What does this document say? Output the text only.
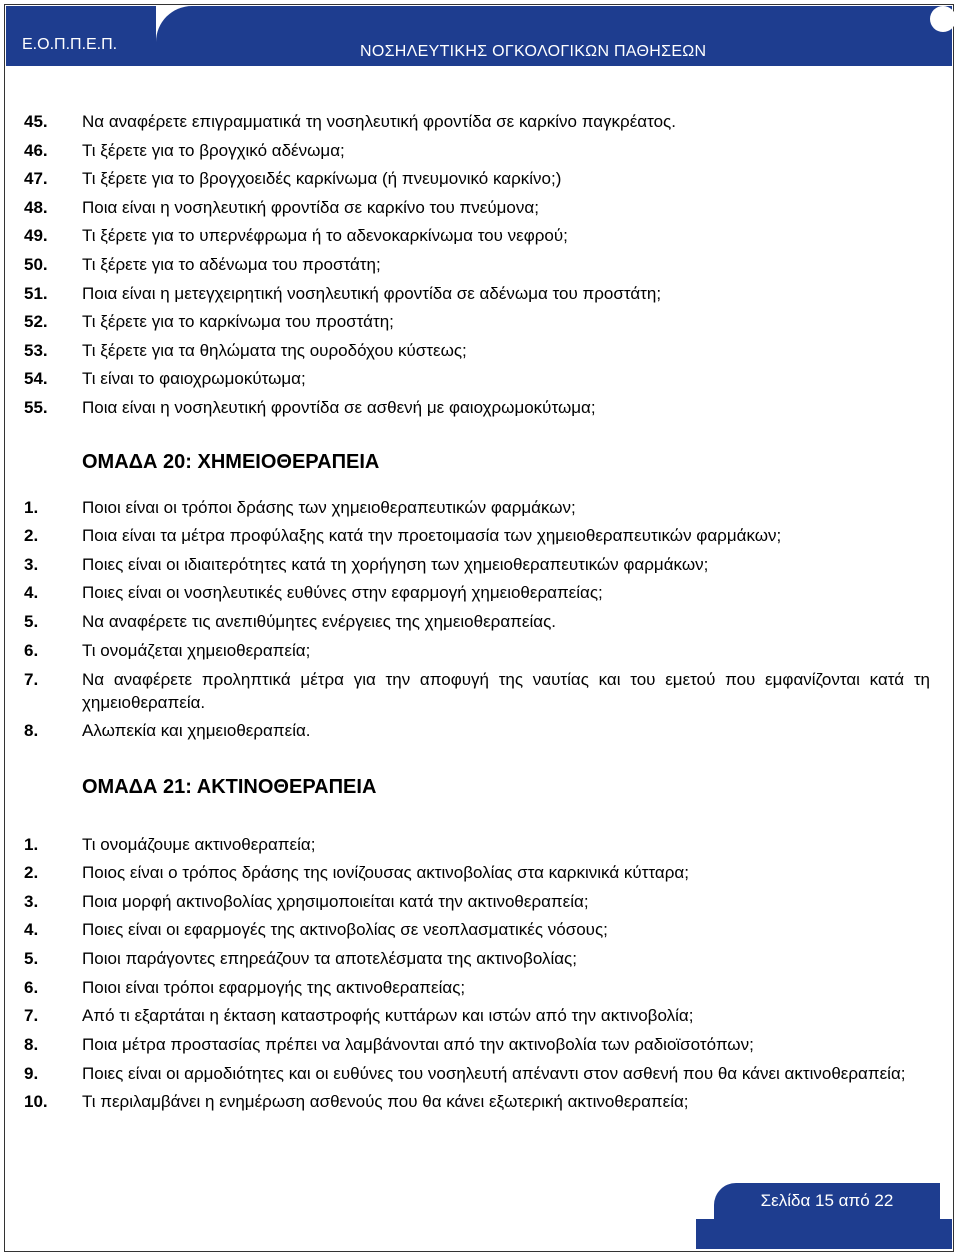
Ε.Ο.Π.Π.Ε.Π.	ΝΟΣΗΛΕΥΤΙΚΗΣ ΟΓΚΟΛΟΓΙΚΩΝ ΠΑΘΗΣΕΩΝ
45.	Να αναφέρετε επιγραμματικά τη νοσηλευτική φροντίδα σε καρκίνο παγκρέατος.
46.	Τι ξέρετε για το βρογχικό αδένωμα;
47.	Τι ξέρετε για το βρογχοειδές καρκίνωμα (ή πνευμονικό καρκίνο;)
48.	Ποια είναι η νοσηλευτική φροντίδα σε καρκίνο του πνεύμονα;
49.	Τι ξέρετε για το υπερνέφρωμα ή το αδενοκαρκίνωμα του νεφρού;
50.	Τι ξέρετε για το αδένωμα του προστάτη;
51.	Ποια είναι η μετεγχειρητική νοσηλευτική φροντίδα σε αδένωμα του προστάτη;
52.	Τι ξέρετε για το καρκίνωμα του προστάτη;
53.	Τι ξέρετε για τα θηλώματα της ουροδόχου κύστεως;
54.	Τι είναι το φαιοχρωμοκύτωμα;
55.	Ποια είναι η νοσηλευτική φροντίδα σε ασθενή με φαιοχρωμοκύτωμα;
ΟΜΑΔΑ 20: ΧΗΜΕΙΟΘΕΡΑΠΕΙΑ
1.	Ποιοι είναι οι τρόποι δράσης των χημειοθεραπευτικών φαρμάκων;
2.	Ποια είναι τα μέτρα προφύλαξης κατά την προετοιμασία των χημειοθεραπευτικών φαρμάκων;
3.	Ποιες είναι οι ιδιαιτερότητες κατά τη χορήγηση των χημειοθεραπευτικών φαρμάκων;
4.	Ποιες είναι οι νοσηλευτικές ευθύνες στην εφαρμογή χημειοθεραπείας;
5.	Να αναφέρετε τις ανεπιθύμητες ενέργειες της χημειοθεραπείας.
6.	Τι ονομάζεται χημειοθεραπεία;
7.	Να αναφέρετε προληπτικά μέτρα για την αποφυγή της ναυτίας και του εμετού που εμφανίζονται κατά τη χημειοθεραπεία.
8.	Αλωπεκία και χημειοθεραπεία.
ΟΜΑΔΑ 21: ΑΚΤΙΝΟΘΕΡΑΠΕΙΑ
1.	Τι ονομάζουμε ακτινοθεραπεία;
2.	Ποιος είναι ο τρόπος δράσης της ιονίζουσας ακτινοβολίας στα καρκινικά κύτταρα;
3.	Ποια μορφή ακτινοβολίας χρησιμοποιείται κατά την ακτινοθεραπεία;
4.	Ποιες είναι οι εφαρμογές της ακτινοβολίας σε νεοπλασματικές νόσους;
5.	Ποιοι παράγοντες επηρεάζουν τα αποτελέσματα της ακτινοβολίας;
6.	Ποιοι είναι τρόποι εφαρμογής της ακτινοθεραπείας;
7.	Από τι εξαρτάται η έκταση καταστροφής κυττάρων και ιστών από την ακτινοβολία;
8.	Ποια μέτρα προστασίας πρέπει να λαμβάνονται από την ακτινοβολία των ραδιοϊσοτόπων;
9.	Ποιες είναι οι αρμοδιότητες και οι ευθύνες του νοσηλευτή απέναντι στον ασθενή που θα κάνει ακτινοθεραπεία;
10.	Τι περιλαμβάνει η ενημέρωση ασθενούς που θα κάνει εξωτερική ακτινοθεραπεία;
Σελίδα 15 από 22
